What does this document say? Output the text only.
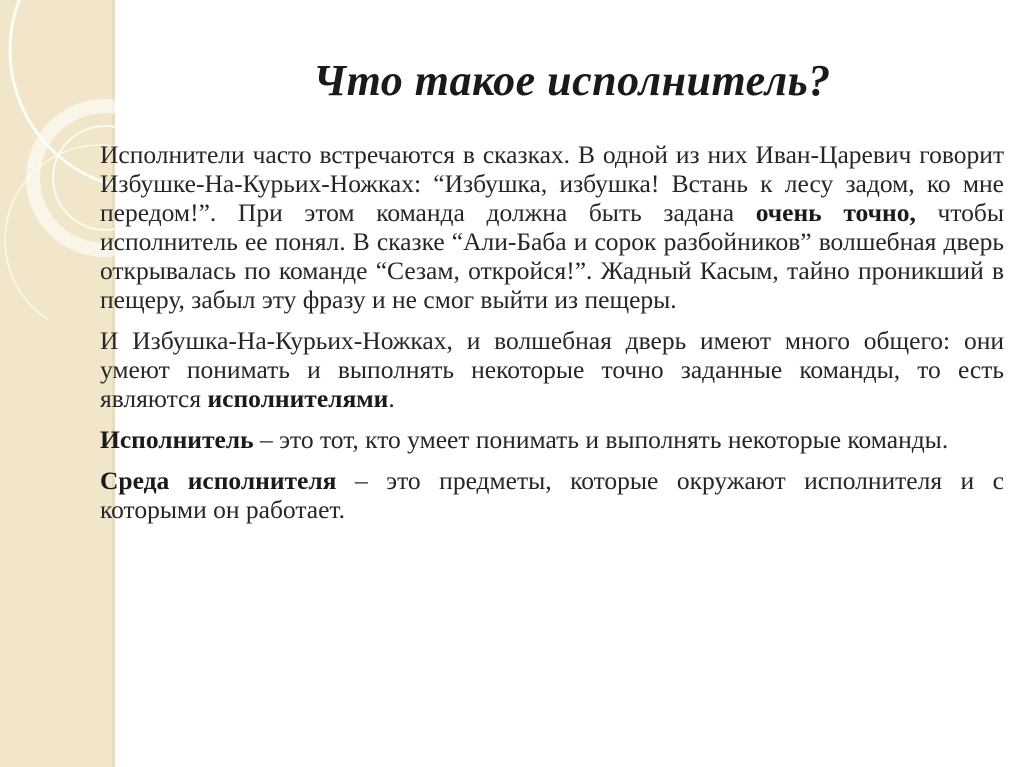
Что такое исполнитель?

Исполнители часто встречаются в сказках. В одной из них Иван-Царевич говорит Избушке-На-Курьих-Ножках: “Избушка, избушка! Встань к лесу задом, ко мне передом!”. При этом команда должна быть задана очень точно, чтобы исполнитель ее понял. В сказке “Али-Баба и сорок разбойников” волшебная дверь открывалась по команде “Сезам, откройся!”. Жадный Касым, тайно проникший в пещеру, забыл эту фразу и не смог выйти из пещеры.

И Избушка-На-Курьих-Ножках, и волшебная дверь имеют много общего: они умеют понимать и выполнять некоторые точно заданные команды, то есть являются исполнителями.

Исполнитель – это тот, кто умеет понимать и выполнять некоторые команды.

Среда исполнителя – это предметы, которые окружают исполнителя и с которыми он работает.
